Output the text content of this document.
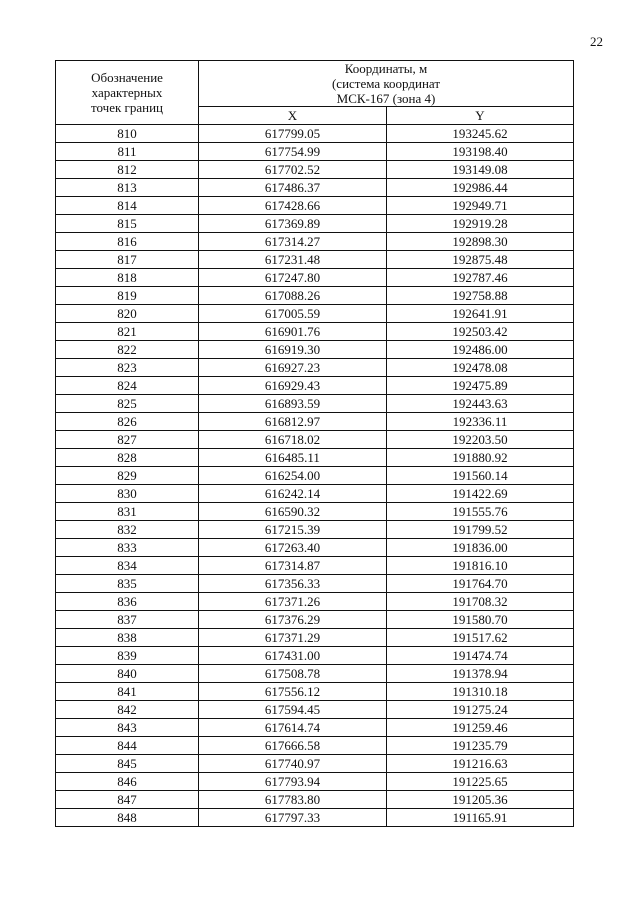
22
Обозначение
характерных
точек границ	Координаты, м
(система координат
МСК-167 (зона 4)	

	X	Y
810	617799.05	193245.62
811	617754.99	193198.40
812	617702.52	193149.08
813	617486.37	192986.44
814	617428.66	192949.71
815	617369.89	192919.28
816	617314.27	192898.30
817	617231.48	192875.48
818	617247.80	192787.46
819	617088.26	192758.88
820	617005.59	192641.91
821	616901.76	192503.42
822	616919.30	192486.00
823	616927.23	192478.08
824	616929.43	192475.89
825	616893.59	192443.63
826	616812.97	192336.11
827	616718.02	192203.50
828	616485.11	191880.92
829	616254.00	191560.14
830	616242.14	191422.69
831	616590.32	191555.76
832	617215.39	191799.52
833	617263.40	191836.00
834	617314.87	191816.10
835	617356.33	191764.70
836	617371.26	191708.32
837	617376.29	191580.70
838	617371.29	191517.62
839	617431.00	191474.74
840	617508.78	191378.94
841	617556.12	191310.18
842	617594.45	191275.24
843	617614.74	191259.46
844	617666.58	191235.79
845	617740.97	191216.63
846	617793.94	191225.65
847	617783.80	191205.36
848	617797.33	191165.91
